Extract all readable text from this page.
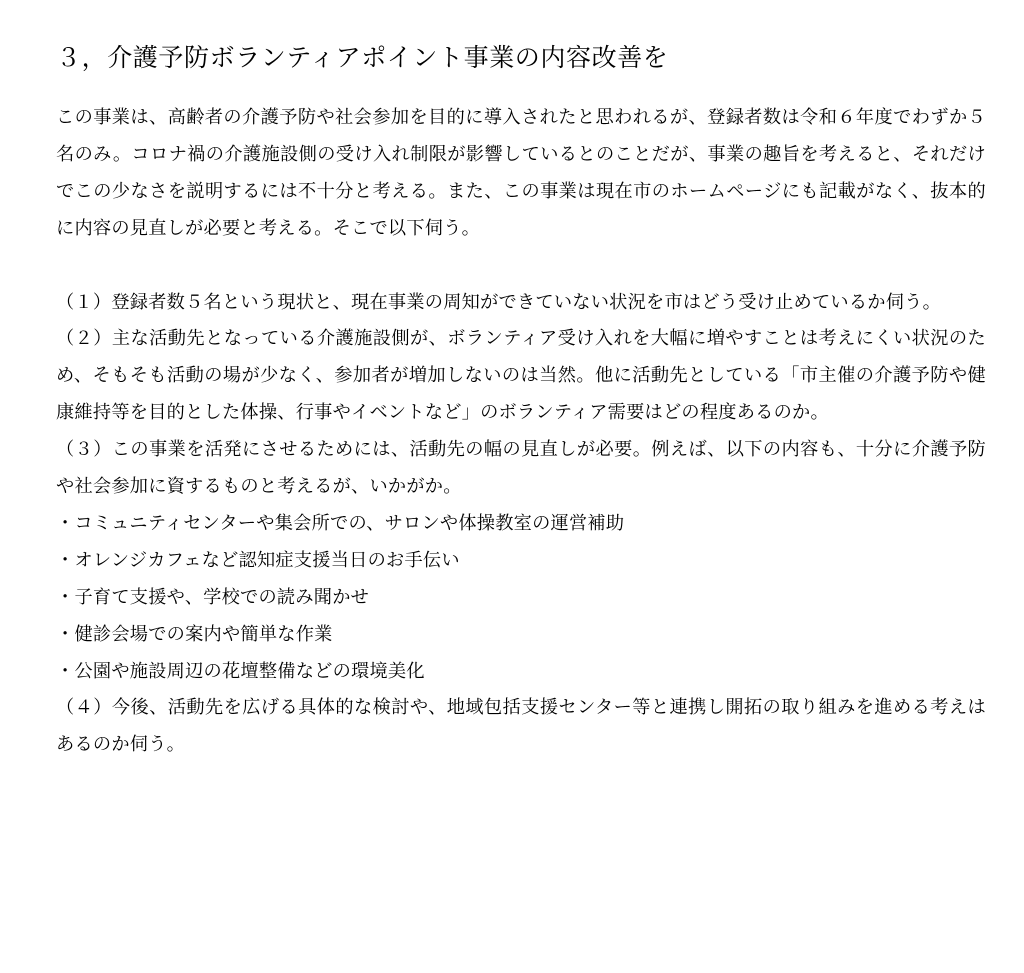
３，介護予防ボランティアポイント事業の内容改善を

この事業は、高齢者の介護予防や社会参加を目的に導入されたと思われるが、登録者数は令和６年度でわずか５名のみ。コロナ禍の介護施設側の受け入れ制限が影響しているとのことだが、事業の趣旨を考えると、それだけでこの少なさを説明するには不十分と考える。また、この事業は現在市のホームページにも記載がなく、抜本的に内容の見直しが必要と考える。そこで以下伺う。

（１）登録者数５名という現状と、現在事業の周知ができていない状況を市はどう受け止めているか伺う。

（２）主な活動先となっている介護施設側が、ボランティア受け入れを大幅に増やすことは考えにくい状況のため、そもそも活動の場が少なく、参加者が増加しないのは当然。他に活動先としている「市主催の介護予防や健康維持等を目的とした体操、行事やイベントなど」のボランティア需要はどの程度あるのか。

（３）この事業を活発にさせるためには、活動先の幅の見直しが必要。例えば、以下の内容も、十分に介護予防や社会参加に資するものと考えるが、いかがか。

・コミュニティセンターや集会所での、サロンや体操教室の運営補助
・オレンジカフェなど認知症支援当日のお手伝い
・子育て支援や、学校での読み聞かせ
・健診会場での案内や簡単な作業
・公園や施設周辺の花壇整備などの環境美化

（４）今後、活動先を広げる具体的な検討や、地域包括支援センター等と連携し開拓の取り組みを進める考えはあるのか伺う。
